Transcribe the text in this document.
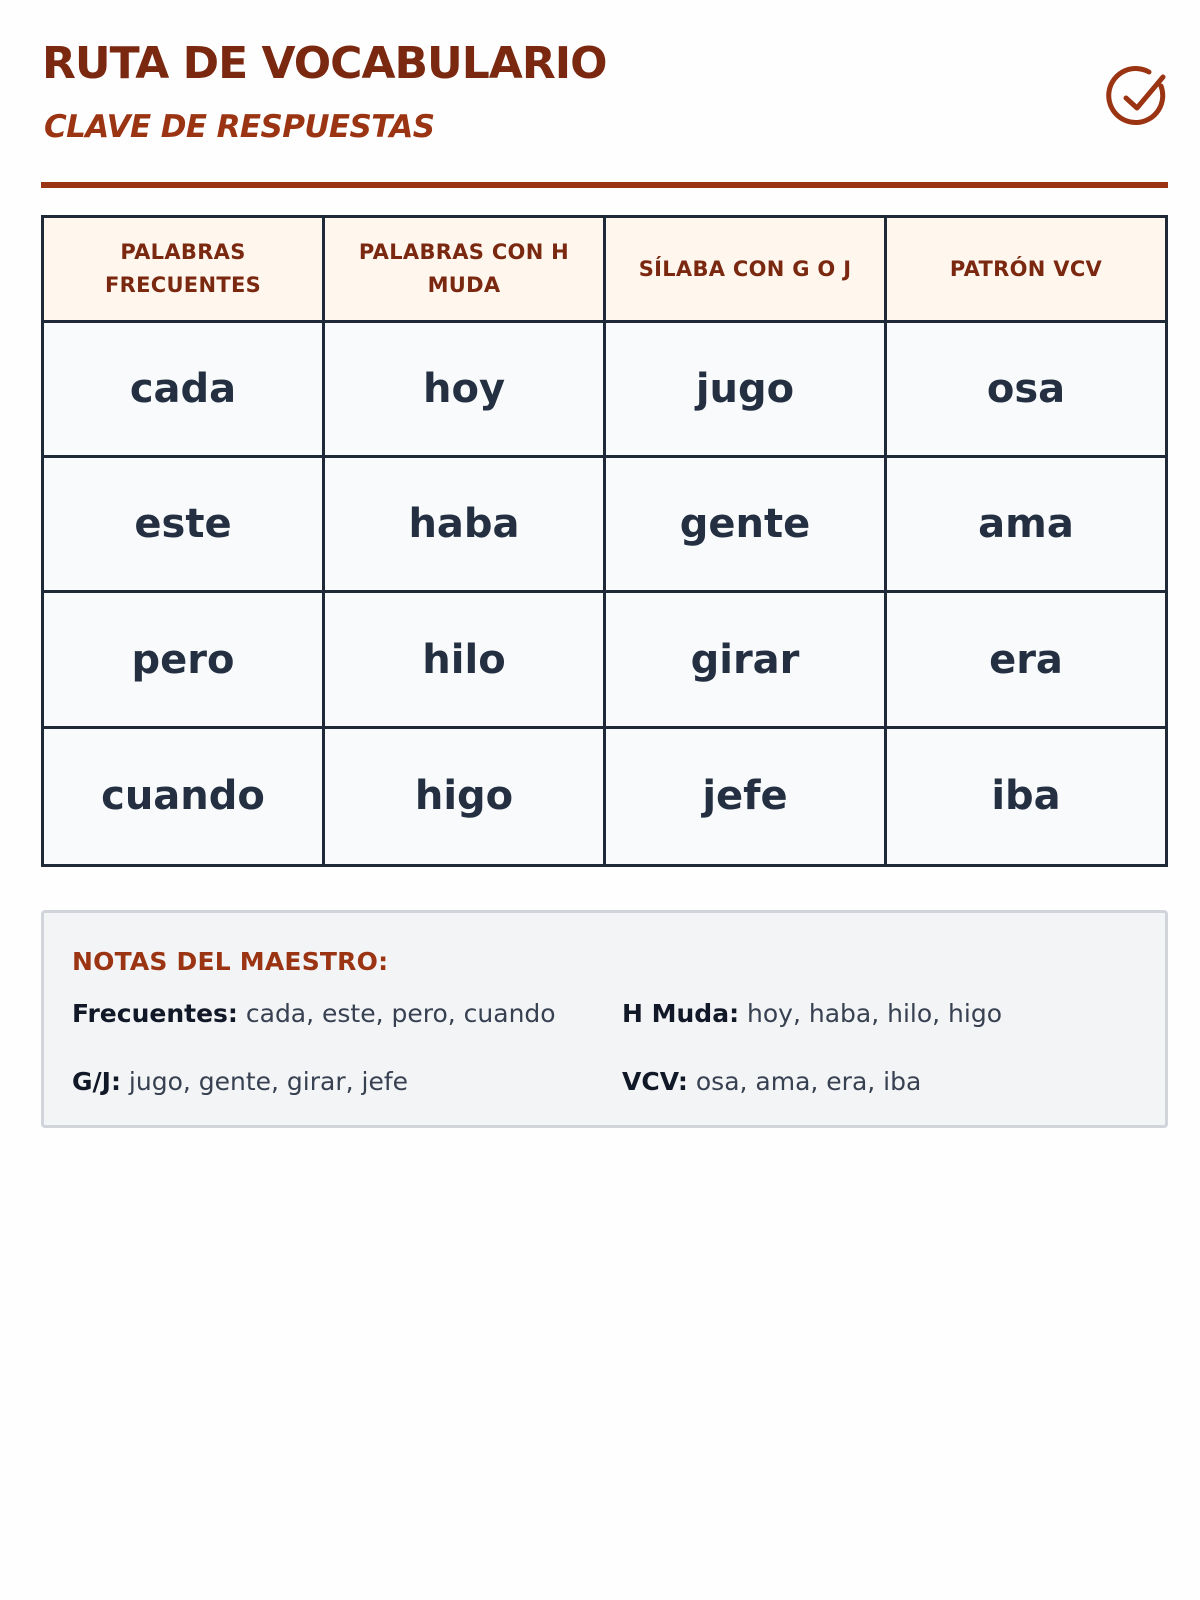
RUTA DE VOCABULARIO
CLAVE DE RESPUESTAS
PALABRAS FRECUENTES	PALABRAS CON H MUDA	SÍLABA CON G O J	PATRÓN VCV
cada	hoy	jugo	osa
este	haba	gente	ama
pero	hilo	girar	era
cuando	higo	jefe	iba
NOTAS DEL MAESTRO:
Frecuentes: cada, este, pero, cuando	H Muda: hoy, haba, hilo, higo
G/J: jugo, gente, girar, jefe	VCV: osa, ama, era, iba
